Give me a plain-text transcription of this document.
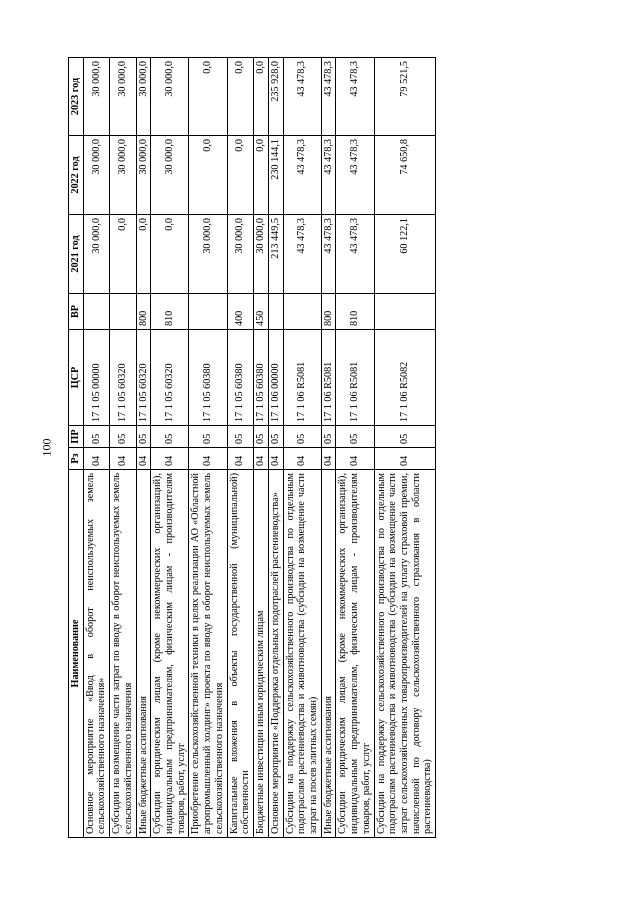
100
Наименование	Рз	ПР	ЦСР	ВР	2021 год	2022 год	2023 год
Основное мероприятие «Ввод в оборот неиспользуемых земель сельскохозяйственного назначения»	04	05	17 1 05 00000		30 000,0	30 000,0	30 000,0
Субсидии на возмещение части затрат по вводу в оборот неиспользуемых земель сельскохозяйственного назначения	04	05	17 1 05 60320		0,0	30 000,0	30 000,0
Иные бюджетные ассигнования	04	05	17 1 05 60320	800	0,0	30 000,0	30 000,0
Субсидии юридическим лицам (кроме некоммерческих организаций), индивидуальным предпринимателям, физическим лицам - производителям товаров, работ, услуг	04	05	17 1 05 60320	810	0,0	30 000,0	30 000,0
Приобретение сельскохозяйственной техники в целях реализации АО «Областной агропромышленный холдинг» проекта по вводу в оборот неиспользуемых земель сельскохозяйственного назначения	04	05	17 1 05 60380		30 000,0	0,0	0,0
Капитальные вложения в объекты государственной (муниципальной) собственности	04	05	17 1 05 60380	400	30 000,0	0,0	0,0
Бюджетные инвестиции иным юридическим лицам	04	05	17 1 05 60380	450	30 000,0	0,0	0,0
Основное мероприятие «Поддержка отдельных подотраслей растениеводства»	04	05	17 1 06 00000		213 449,5	230 144,1	235 928,0
Субсидии на поддержку сельскохозяйственного производства по отдельным подотраслям растениеводства и животноводства (субсидии на возмещение части затрат на посев элитных семян)	04	05	17 1 06 R5081		43 478,3	43 478,3	43 478,3
Иные бюджетные ассигнования	04	05	17 1 06 R5081	800	43 478,3	43 478,3	43 478,3
Субсидии юридическим лицам (кроме некоммерческих организаций), индивидуальным предпринимателям, физическим лицам - производителям товаров, работ, услуг	04	05	17 1 06 R5081	810	43 478,3	43 478,3	43 478,3
Субсидии на поддержку сельскохозяйственного производства по отдельным подотраслям растениеводства и животноводства (субсидии на возмещение части затрат сельскохозяйственных товаропроизводителей на уплату страховой премии, начисленной по договору сельскохозяйственного страхования в области растениеводства)	04	05	17 1 06 R5082		60 122,1	74 650,8	79 521,5
